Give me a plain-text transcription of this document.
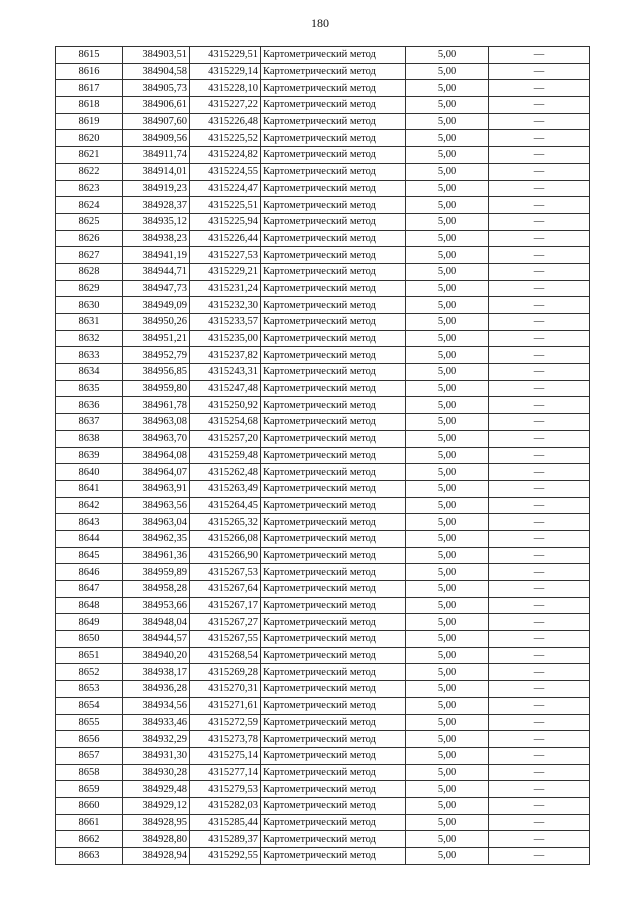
180
8615	384903,51	4315229,51	Картометрический метод	5,00	—
8616	384904,58	4315229,14	Картометрический метод	5,00	—
8617	384905,73	4315228,10	Картометрический метод	5,00	—
8618	384906,61	4315227,22	Картометрический метод	5,00	—
8619	384907,60	4315226,48	Картометрический метод	5,00	—
8620	384909,56	4315225,52	Картометрический метод	5,00	—
8621	384911,74	4315224,82	Картометрический метод	5,00	—
8622	384914,01	4315224,55	Картометрический метод	5,00	—
8623	384919,23	4315224,47	Картометрический метод	5,00	—
8624	384928,37	4315225,51	Картометрический метод	5,00	—
8625	384935,12	4315225,94	Картометрический метод	5,00	—
8626	384938,23	4315226,44	Картометрический метод	5,00	—
8627	384941,19	4315227,53	Картометрический метод	5,00	—
8628	384944,71	4315229,21	Картометрический метод	5,00	—
8629	384947,73	4315231,24	Картометрический метод	5,00	—
8630	384949,09	4315232,30	Картометрический метод	5,00	—
8631	384950,26	4315233,57	Картометрический метод	5,00	—
8632	384951,21	4315235,00	Картометрический метод	5,00	—
8633	384952,79	4315237,82	Картометрический метод	5,00	—
8634	384956,85	4315243,31	Картометрический метод	5,00	—
8635	384959,80	4315247,48	Картометрический метод	5,00	—
8636	384961,78	4315250,92	Картометрический метод	5,00	—
8637	384963,08	4315254,68	Картометрический метод	5,00	—
8638	384963,70	4315257,20	Картометрический метод	5,00	—
8639	384964,08	4315259,48	Картометрический метод	5,00	—
8640	384964,07	4315262,48	Картометрический метод	5,00	—
8641	384963,91	4315263,49	Картометрический метод	5,00	—
8642	384963,56	4315264,45	Картометрический метод	5,00	—
8643	384963,04	4315265,32	Картометрический метод	5,00	—
8644	384962,35	4315266,08	Картометрический метод	5,00	—
8645	384961,36	4315266,90	Картометрический метод	5,00	—
8646	384959,89	4315267,53	Картометрический метод	5,00	—
8647	384958,28	4315267,64	Картометрический метод	5,00	—
8648	384953,66	4315267,17	Картометрический метод	5,00	—
8649	384948,04	4315267,27	Картометрический метод	5,00	—
8650	384944,57	4315267,55	Картометрический метод	5,00	—
8651	384940,20	4315268,54	Картометрический метод	5,00	—
8652	384938,17	4315269,28	Картометрический метод	5,00	—
8653	384936,28	4315270,31	Картометрический метод	5,00	—
8654	384934,56	4315271,61	Картометрический метод	5,00	—
8655	384933,46	4315272,59	Картометрический метод	5,00	—
8656	384932,29	4315273,78	Картометрический метод	5,00	—
8657	384931,30	4315275,14	Картометрический метод	5,00	—
8658	384930,28	4315277,14	Картометрический метод	5,00	—
8659	384929,48	4315279,53	Картометрический метод	5,00	—
8660	384929,12	4315282,03	Картометрический метод	5,00	—
8661	384928,95	4315285,44	Картометрический метод	5,00	—
8662	384928,80	4315289,37	Картометрический метод	5,00	—
8663	384928,94	4315292,55	Картометрический метод	5,00	—
